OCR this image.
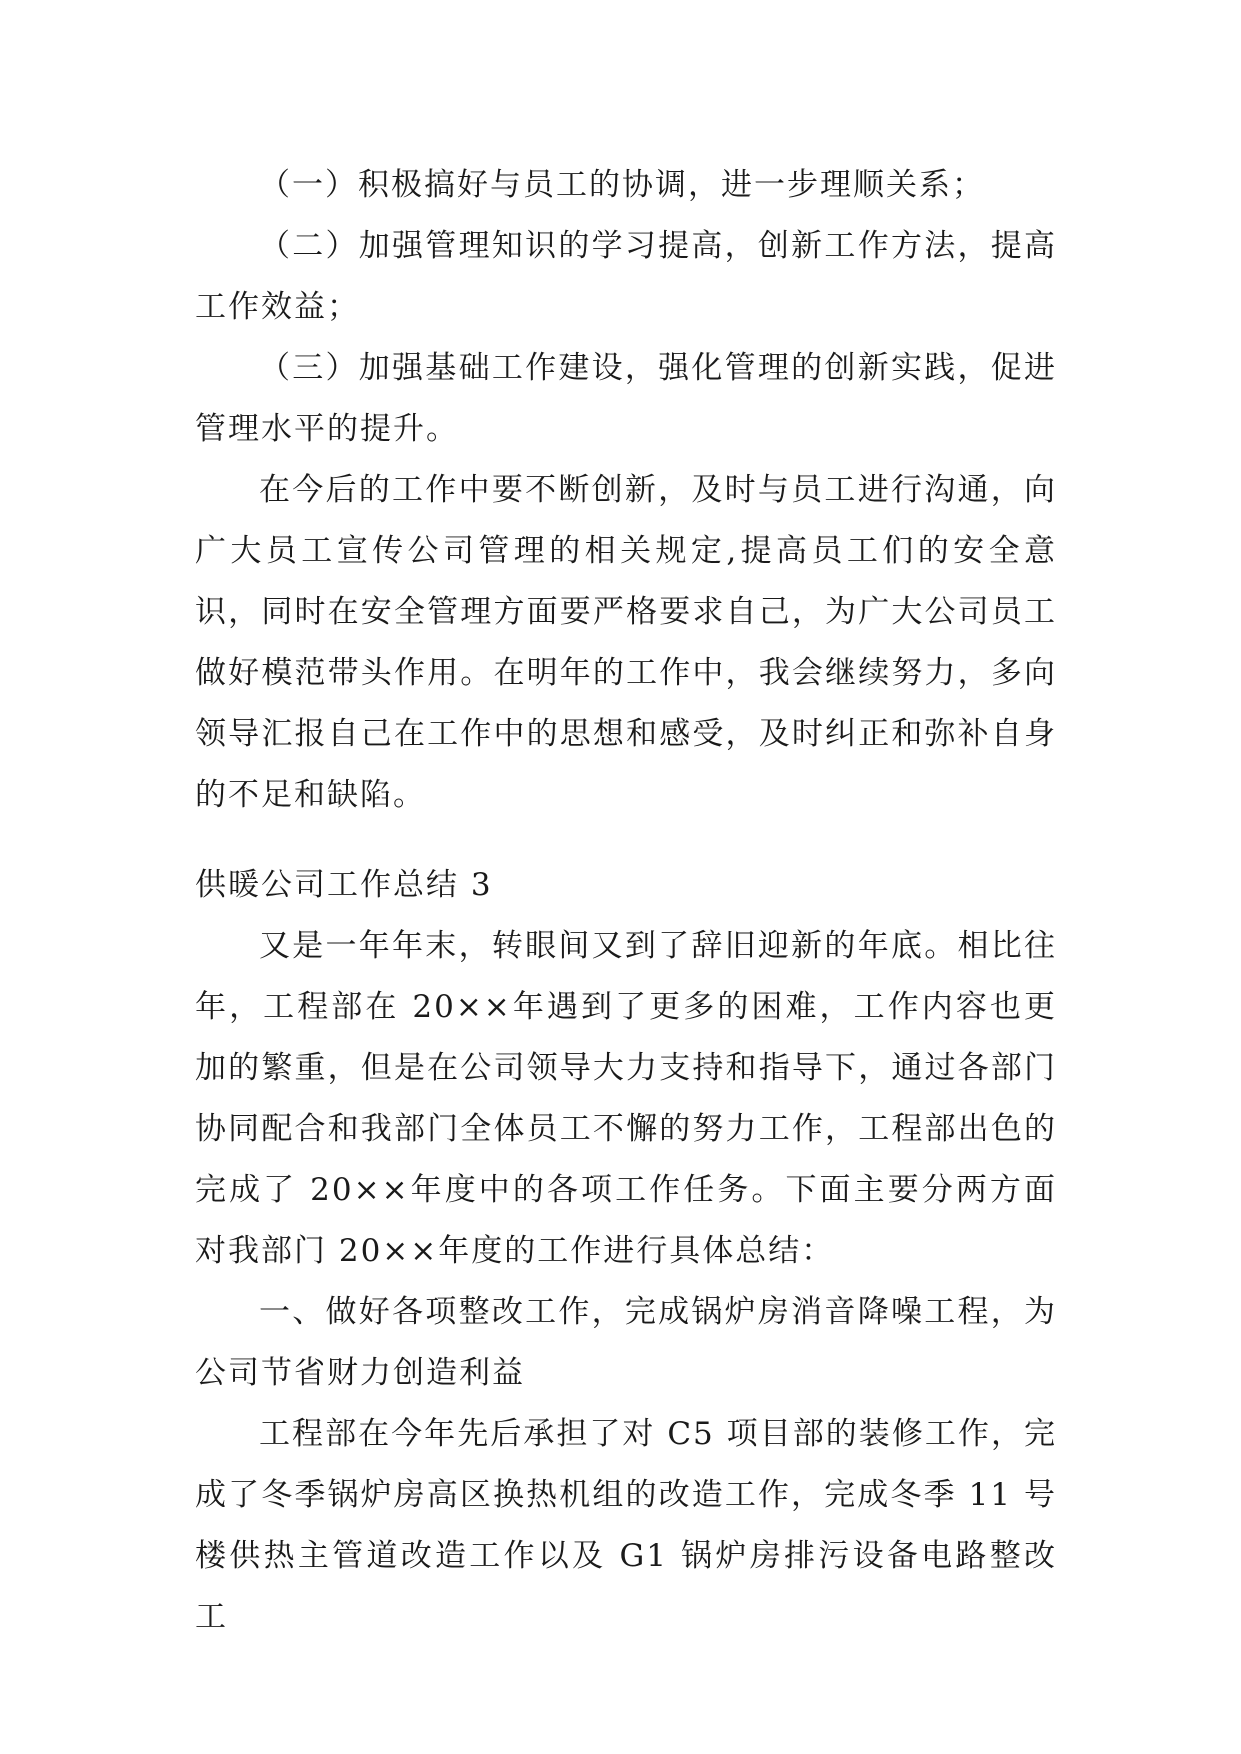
（一）积极搞好与员工的协调，进一步理顺关系；

（二）加强管理知识的学习提高，创新工作方法，提高工作效益；

（三）加强基础工作建设，强化管理的创新实践，促进管理水平的提升。

在今后的工作中要不断创新，及时与员工进行沟通，向广大员工宣传公司管理的相关规定,提高员工们的安全意识，同时在安全管理方面要严格要求自己，为广大公司员工做好模范带头作用。在明年的工作中，我会继续努力，多向领导汇报自己在工作中的思想和感受，及时纠正和弥补自身的不足和缺陷。

供暖公司工作总结 3

又是一年年末，转眼间又到了辞旧迎新的年底。相比往年，工程部在 20××年遇到了更多的困难，工作内容也更加的繁重，但是在公司领导大力支持和指导下，通过各部门协同配合和我部门全体员工不懈的努力工作，工程部出色的完成了 20××年度中的各项工作任务。下面主要分两方面对我部门 20××年度的工作进行具体总结：

一、做好各项整改工作，完成锅炉房消音降噪工程，为公司节省财力创造利益

工程部在今年先后承担了对 C5 项目部的装修工作，完成了冬季锅炉房高区换热机组的改造工作，完成冬季 11 号楼供热主管道改造工作以及 G1 锅炉房排污设备电路整改工
